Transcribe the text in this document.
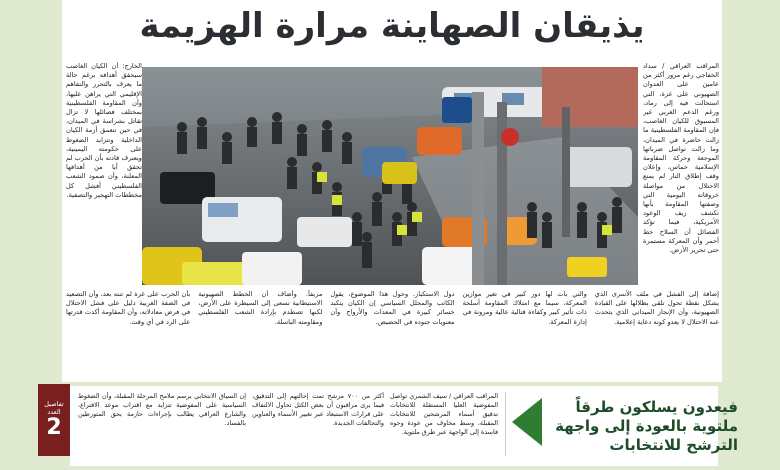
يذيقان الصهاينة مرارة الهزيمة
المراقب العراقي / سداد الخفاجي رغم مرور أكثر من عامين على العدوان الصهيوني على غزة، التي استحالت فيه إلى رماد، ورغم الدعم الغربي غير المسبوق للكيان الغاصب، فإن المقاومة الفلسطينية ما زالت حاضرة في الميدان، وما زالت تواصل ضرباتها الموجعة وحركة المقاومة الإسلامية حماس، وإعلان وقف إطلاق النار لم يمنع الاحتلال من مواصلة خروقاته اليومية التي وصفتها المقاومة بأنها تكشف زيف الوعود الأمريكية، فيما تؤكد الفصائل أن السلاح خط أحمر وأن المعركة مستمرة حتى تحرير الأرض.
الخارج: أن الكيان الغاصب سيحقق أهدافه برغم حالة ما يعرف بالتحرر والتفاهم الإقليمي التي يراهن عليها، وأن المقاومة الفلسطينية بمختلف فصائلها لا تزال تقاتل بشراسة في الميدان، في حين تتعمق أزمة الكيان الداخلية وتتزايد الضغوط على حكومته اليمينية، ويعترف قادته بأن الحرب لم تحقق أيا من أهدافها المعلنة، وأن صمود الشعب الفلسطيني أفشل كل مخططات التهجير والتصفية.
إضافة إلى الفشل في ملف الأسرى الذي يشكل نقطة تحول تلقي بظلالها على القيادة الصهيونية، وأن الإنجاز الميداني الذي يتحدث عنه الاحتلال لا يعدو كونه دعاية إعلامية.
والتي بات لها دور كبير في تغير موازين المعركة، سيما مع امتلاك المقاومة أسلحة ذات تأثير كبير وكفاءة قتالية عالية ومرونة في إدارة المعركة.
دول الاستكبار. وحول هذا الموضوع، يقول الكاتب والمحلل السياسي إن الكيان يتكبد خسائر كبيرة في المعدات والأرواح وأن معنويات جنوده في الحضيض.
مزيفاً. وأضاف أن الخطط الصهيونية الاستيطانية تسعى إلى السيطرة على الأرض، لكنها تصطدم بإرادة الشعب الفلسطيني ومقاومته الباسلة.
بأن الحرب على غزة لم تنته بعد، وأن التصعيد في الضفة الغربية دليل على فشل الاحتلال في فرض معادلاته، وأن المقاومة أكدت قدرتها على الرد في أي وقت.
تفاصيل العدد
2
المراقب العراقي / سيف الشمري تواصل المفوضية العليا المستقلة للانتخابات تدقيق أسماء المرشحين للانتخابات المقبلة، وسط مخاوف من عودة وجوه فاسدة إلى الواجهة عبر طرق ملتوية.
أكثر من ٧٠٠ مرشح تمت إحالتهم إلى التدقيق، فيما يرى مراقبون أن بعض الكتل تحاول الالتفاف على قرارات الاستبعاد عبر تغيير الأسماء والعناوين والتحالفات الجديدة.
إن السياق الانتخابي يرسم ملامح المرحلة المقبلة، وأن الضغوط السياسية على المفوضية تتزايد مع اقتراب موعد الاقتراع، والشارع العراقي يطالب بإجراءات حازمة بحق المتورطين بالفساد.
فيعدون يسلكون طرقاً ملتوية بالعودة إلى واجهة الترشح للانتخابات
